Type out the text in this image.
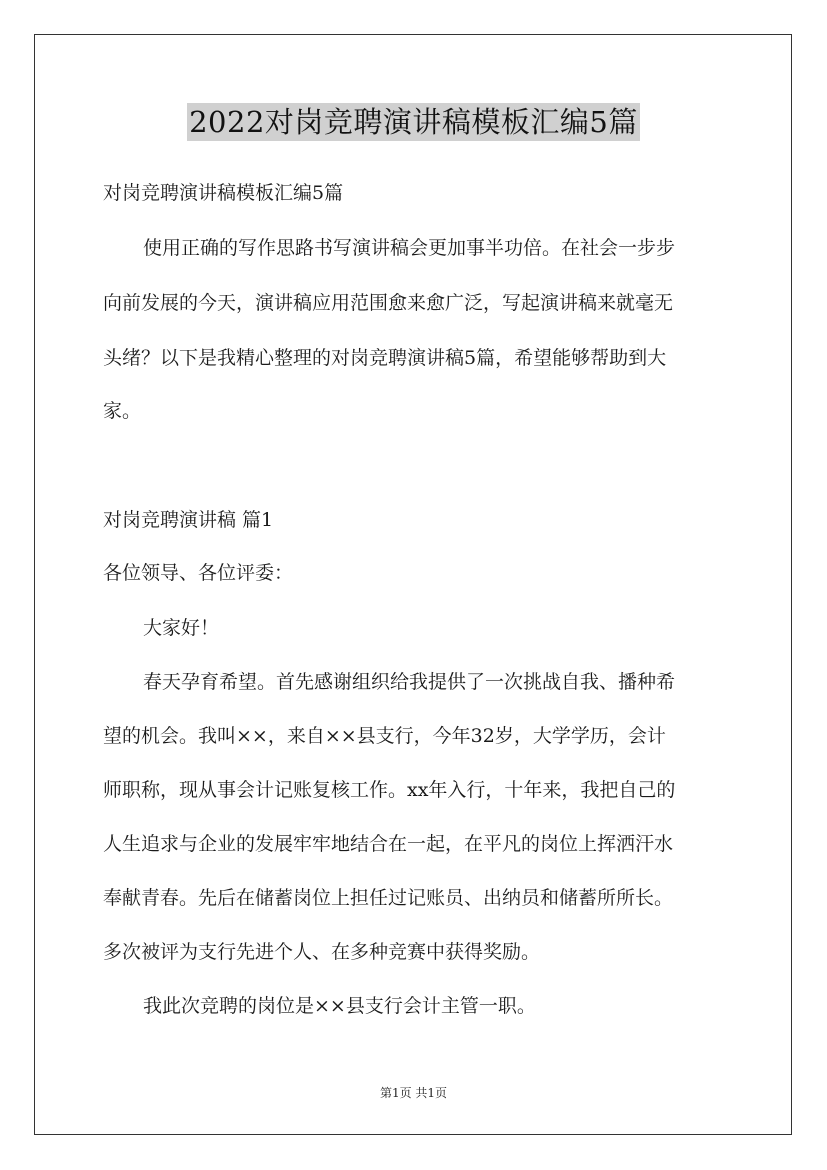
2022对岗竞聘演讲稿模板汇编5篇
对岗竞聘演讲稿模板汇编5篇
使用正确的写作思路书写演讲稿会更加事半功倍。在社会一步步
向前发展的今天，演讲稿应用范围愈来愈广泛，写起演讲稿来就毫无
头绪？以下是我精心整理的对岗竞聘演讲稿5篇，希望能够帮助到大
家。
对岗竞聘演讲稿 篇1
各位领导、各位评委：
大家好！
春天孕育希望。首先感谢组织给我提供了一次挑战自我、播种希
望的机会。我叫××，来自××县支行，今年32岁，大学学历，会计
师职称，现从事会计记账复核工作。xx年入行，十年来，我把自己的
人生追求与企业的发展牢牢地结合在一起，在平凡的岗位上挥洒汗水
奉献青春。先后在储蓄岗位上担任过记账员、出纳员和储蓄所所长。
多次被评为支行先进个人、在多种竞赛中获得奖励。
我此次竞聘的岗位是××县支行会计主管一职。
第1页 共1页
